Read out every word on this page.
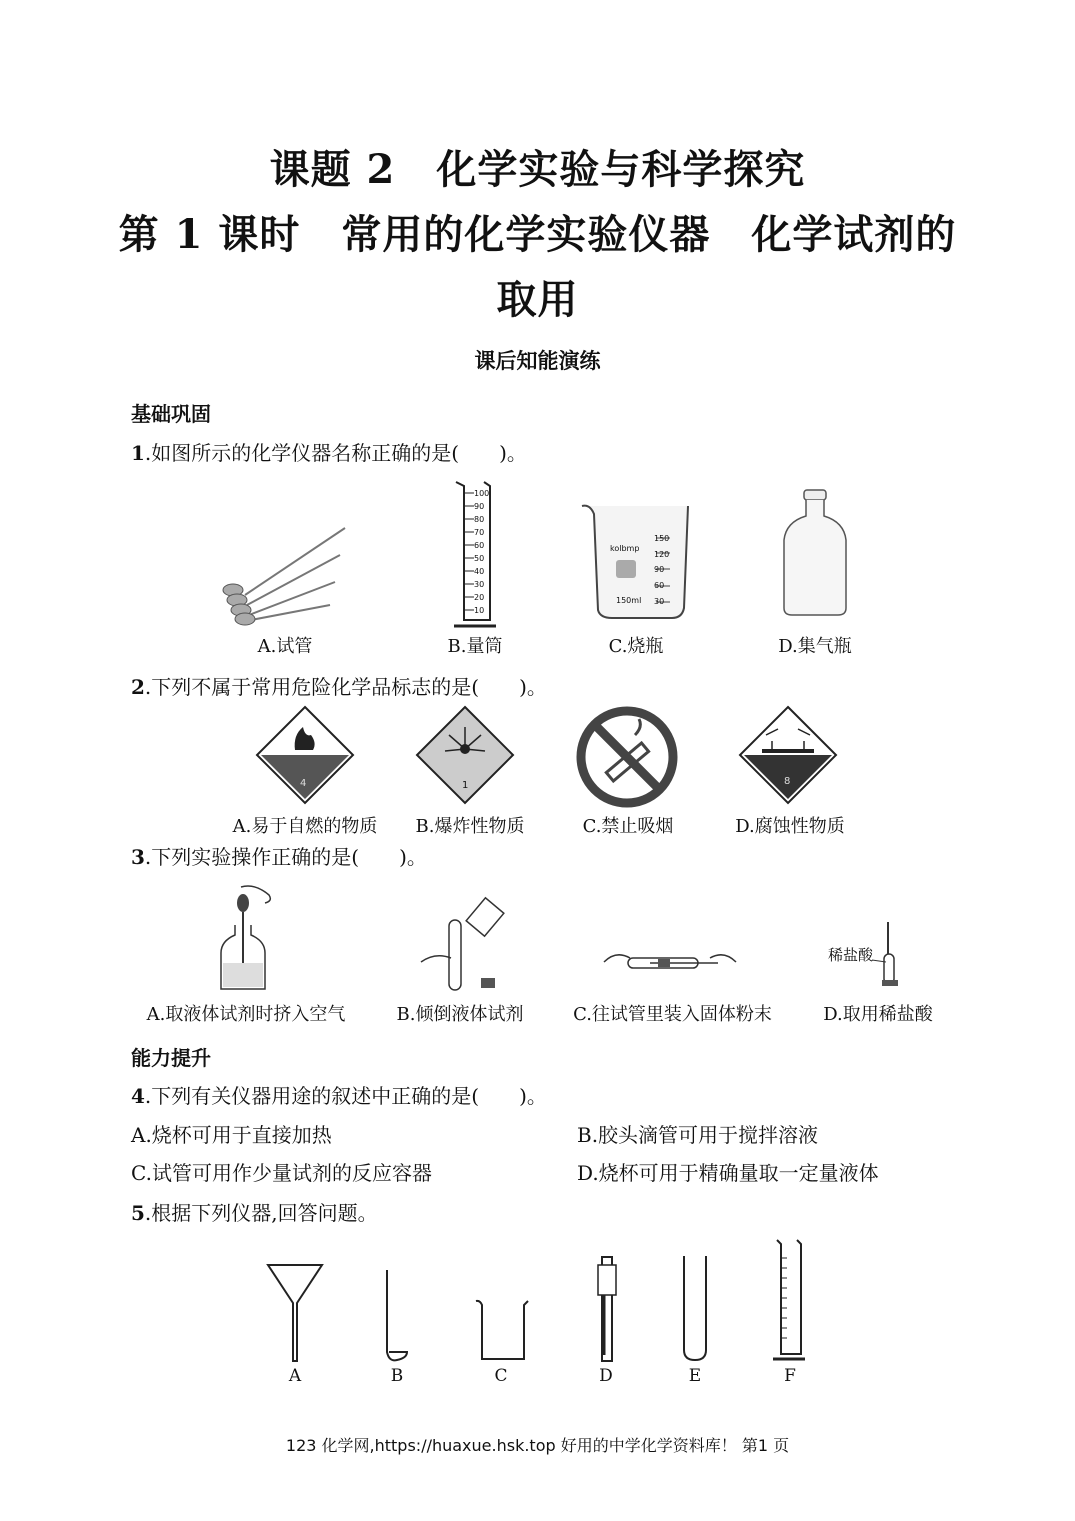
课题 2　化学实验与科学探究
第 1 课时　常用的化学实验仪器　化学试剂的
取用
课后知能演练
基础巩固
1.如图所示的化学仪器名称正确的是(　　)。
A.试管
100
90
80
70
60
50
40
30
20
10
B.量筒
kolbmp
150ml
150
120
90
60
30
C.烧瓶	D.集气瓶
2.下列不属于常用危险化学品标志的是(　　)。
4
A.易于自燃的物质
1
B.爆炸性物质	C.禁止吸烟
8
D.腐蚀性物质
3.下列实验操作正确的是(　　)。
A.取液体试剂时挤入空气	B.倾倒液体试剂	C.往试管里装入固体粉末
稀盐酸
D.取用稀盐酸
能力提升
4.下列有关仪器用途的叙述中正确的是(　　)。
A.烧杯可用于直接加热	B.胶头滴管可用于搅拌溶液
C.试管可用作少量试剂的反应容器	D.烧杯可用于精确量取一定量液体
5.根据下列仪器,回答问题。
A	B	C	D	E	F
123 化学网,https://huaxue.hsk.top 好用的中学化学资料库！ 第1 页
